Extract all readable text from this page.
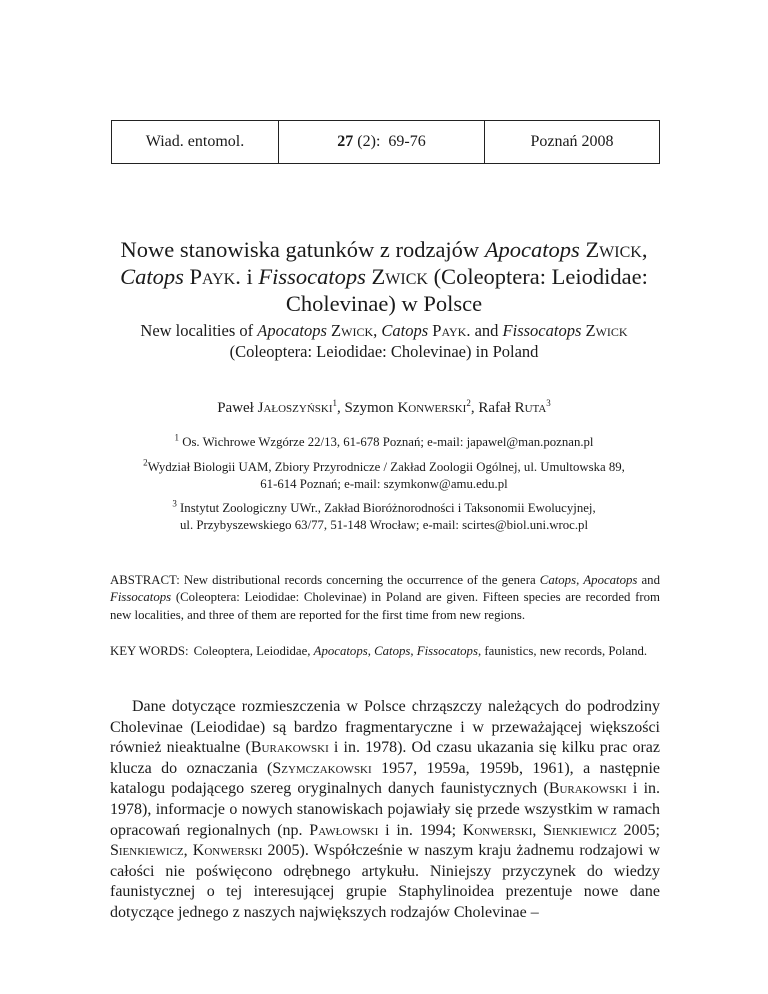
Wiad. entomol.	27 (2):  69-76	Poznań 2008
Nowe stanowiska gatunków z rodzajów Apocatops Zwick,
Catops Payk. i Fissocatops Zwick (Coleoptera: Leiodidae:
Cholevinae) w Polsce
New localities of Apocatops Zwick, Catops Payk. and Fissocatops Zwick
(Coleoptera: Leiodidae: Cholevinae) in Poland
Paweł Jałoszyński$^1$, Szymon Konwerski$^2$, Rafał Ruta$^3$
$^1$ Os. Wichrowe Wzgórze 22/13, 61-678 Poznań; e-mail: japawel@man.poznan.pl
$^2$Wydział Biologii UAM, Zbiory Przyrodnicze / Zakład Zoologii Ogólnej, ul. Umultowska 89,
61-614 Poznań; e-mail: szymkonw@amu.edu.pl
$^3$ Instytut Zoologiczny UWr., Zakład Bioróżnorodności i Taksonomii Ewolucyjnej,
ul. Przybyszewskiego 63/77, 51-148 Wrocław; e-mail: scirtes@biol.uni.wroc.pl
ABSTRACT: New distributional records concerning the occurrence of the genera Catops, Apocatops and Fissocatops (Coleoptera: Leiodidae: Cholevinae) in Poland are given. Fifteen species are recorded from new localities, and three of them are reported for the first time from new regions.
KEY WORDS: Coleoptera, Leiodidae, Apocatops, Catops, Fissocatops, faunistics, new records, Poland.
Dane dotyczące rozmieszczenia w Polsce chrząszczy należących do podrodziny Cholevinae (Leiodidae) są bardzo fragmentaryczne i w przeważającej większości również nieaktualne (Burakowski i in. 1978). Od czasu ukazania się kilku prac oraz klucza do oznaczania (Szymczakowski 1957, 1959a, 1959b, 1961), a następnie katalogu podającego szereg oryginalnych danych faunistycznych (Burakowski i in. 1978), informacje o nowych stanowiskach pojawiały się przede wszystkim w ramach opracowań regionalnych (np. Pawłowski i in. 1994; Konwerski, Sienkiewicz 2005; Sienkiewicz, Konwerski 2005). Współcześnie w naszym kraju żadnemu rodzajowi w całości nie poświęcono odrębnego artykułu. Niniejszy przyczynek do wiedzy faunistycznej o tej interesującej grupie Staphylinoidea prezentuje nowe dane dotyczące jednego z naszych największych rodzajów Cholevinae –
